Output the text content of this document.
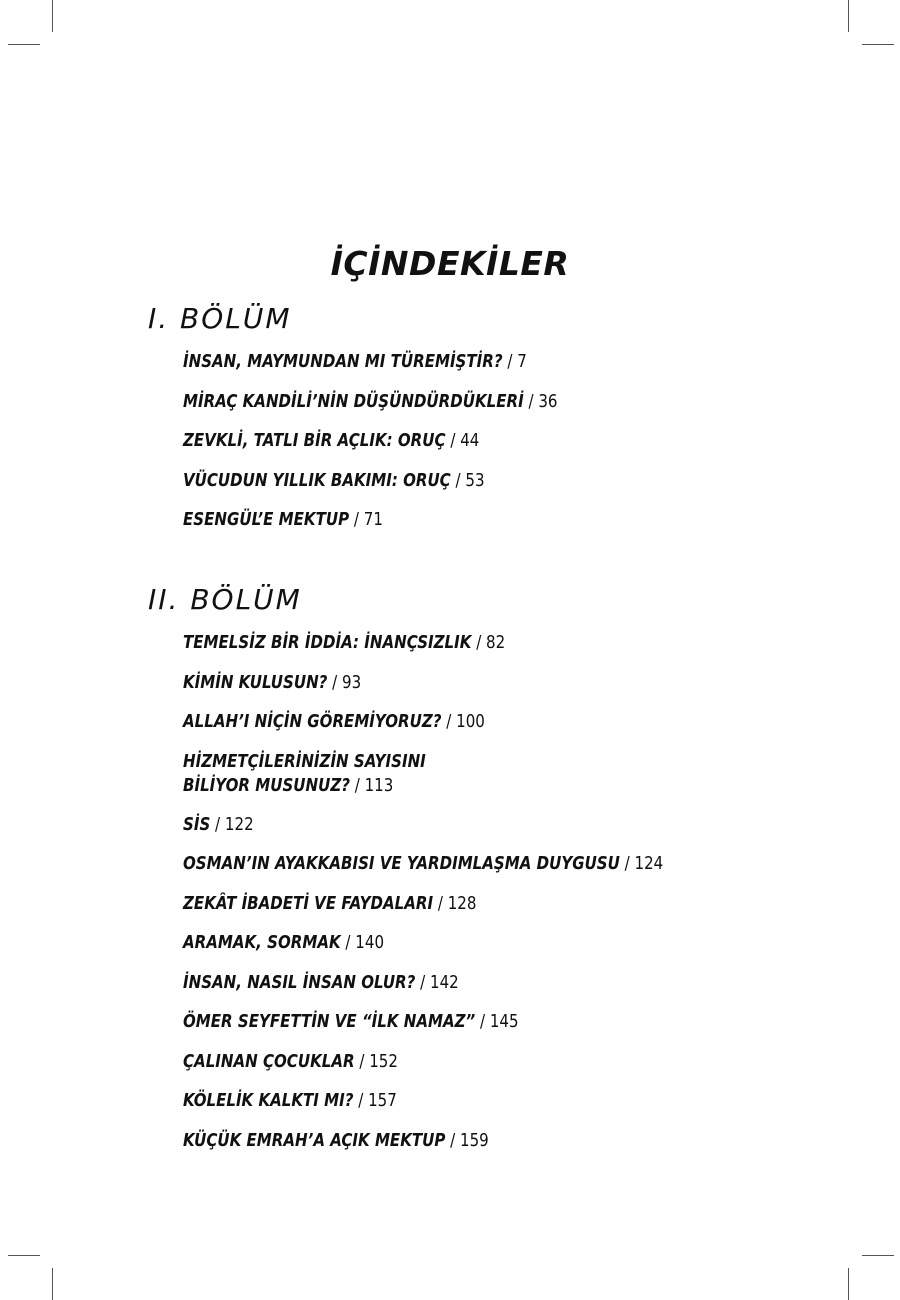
İÇİNDEKİLER
I. BÖLÜM
İNSAN, MAYMUNDAN MI TÜREMİŞTİR? / 7
MİRAÇ KANDİLİ’NİN DÜŞÜNDÜRDÜKLERİ / 36
ZEVKLİ, TATLI BİR AÇLIK: ORUÇ / 44
VÜCUDUN YILLIK BAKIMI: ORUÇ / 53
ESENGÜL’E MEKTUP / 71
II. BÖLÜM
TEMELSİZ BİR İDDİA: İNANÇSIZLIK / 82
KİMİN KULUSUN? / 93
ALLAH’I NİÇİN GÖREMİYORUZ? / 100
HİZMETÇİLERİNİZİN SAYISINI
BİLİYOR MUSUNUZ? / 113
SİS / 122
OSMAN’IN AYAKKABISI VE YARDIMLAŞMA DUYGUSU / 124
ZEKÂT İBADETİ VE FAYDALARI / 128
ARAMAK, SORMAK / 140
İNSAN, NASIL İNSAN OLUR? / 142
ÖMER SEYFETTİN VE “İLK NAMAZ” / 145
ÇALINAN ÇOCUKLAR / 152
KÖLELİK KALKTI MI? / 157
KÜÇÜK EMRAH’A AÇIK MEKTUP / 159
